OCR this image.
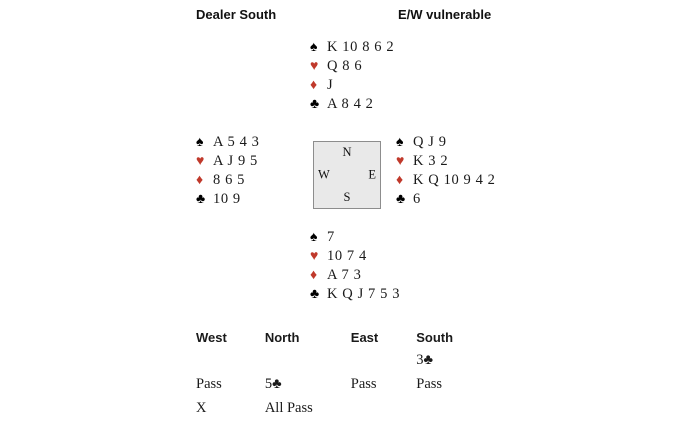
Dealer South	E/W vulnerable
♠ K 10 8 6 2
♥ Q 8 6
♦ J
♣ A 8 4 2
♠ A 5 4 3
♥ A J 9 5
♦ 8 6 5
♣ 10 9
N
W	E
S
♠ Q J 9
♥ K 3 2
♦ K Q 10 9 4 2
♣ 6
♠ 7
♥ 10 7 4
♦ A 7 3
♣ K Q J 7 5 3
West	North	East	South
			3♣
Pass	5♣	Pass	Pass
X	All Pass		
